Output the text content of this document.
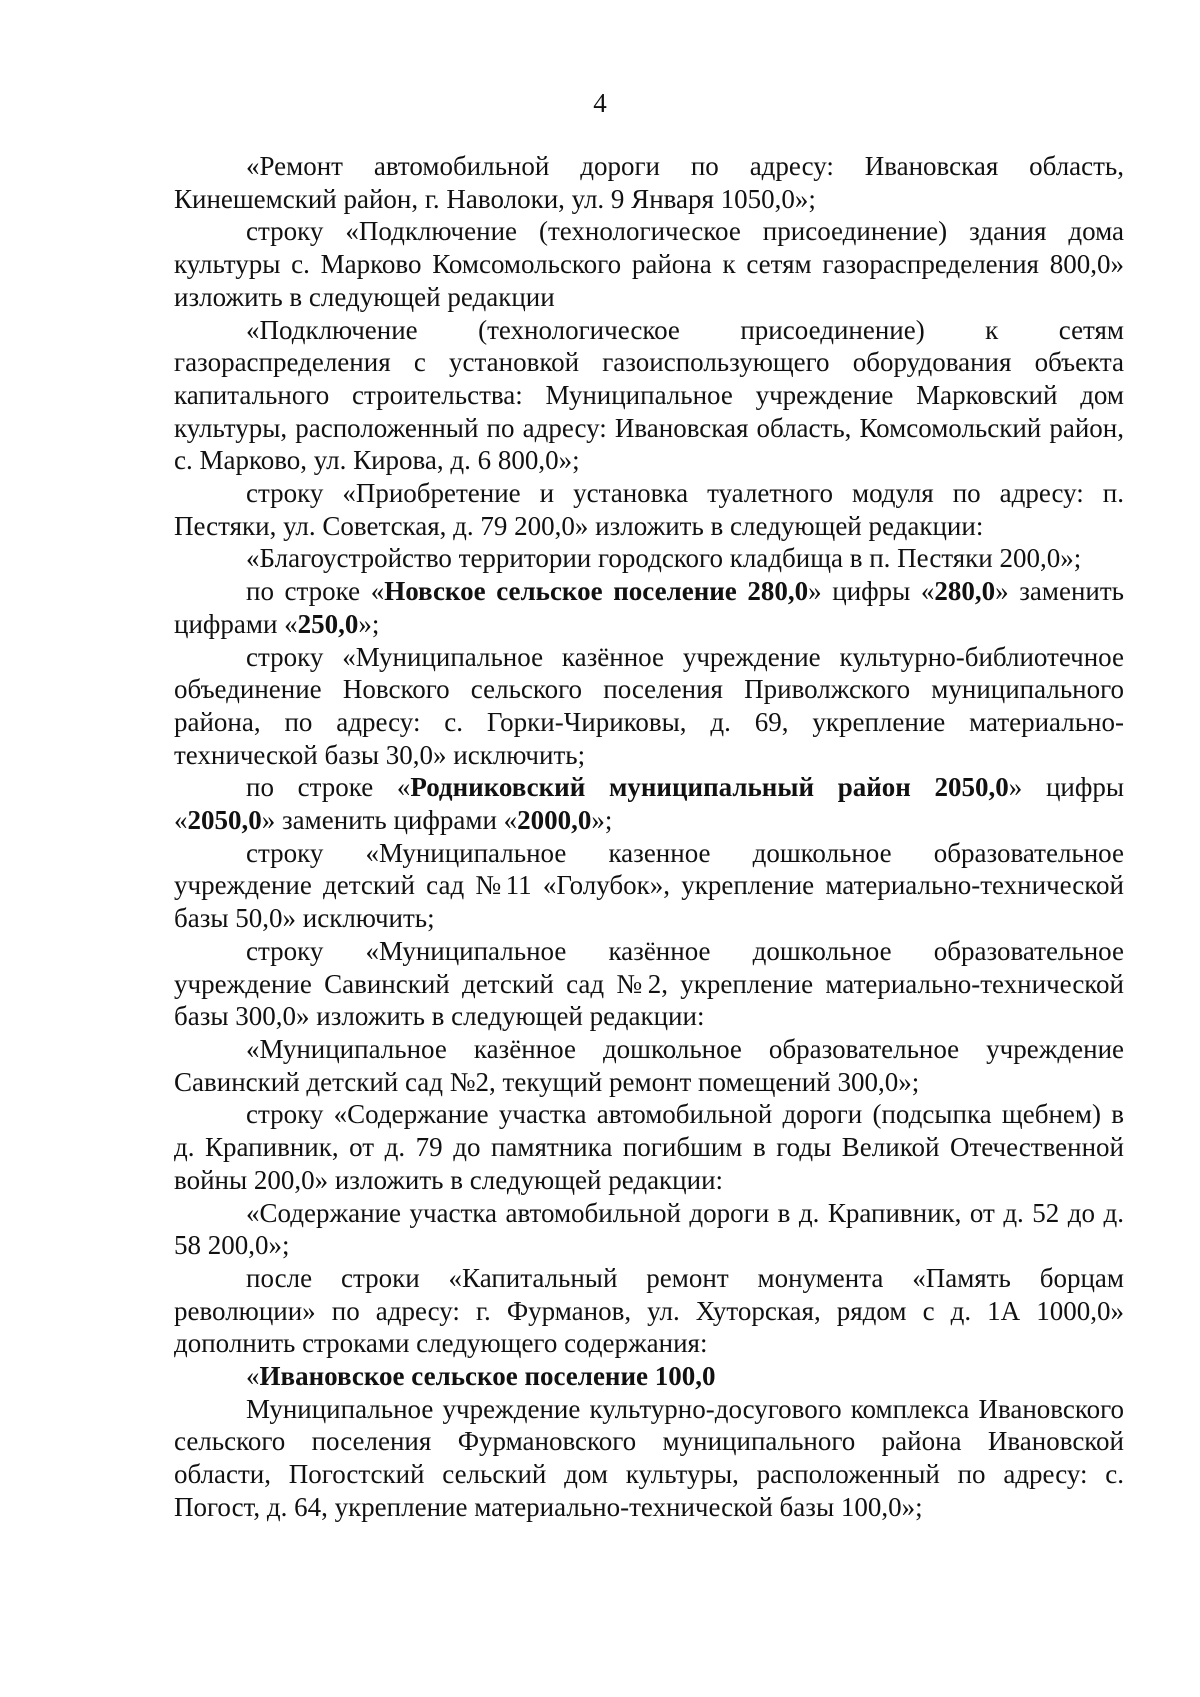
4

«Ремонт автомобильной дороги по адресу: Ивановская область, Кинешемский район, г. Наволоки, ул. 9 Января 1050,0»;

строку «Подключение (технологическое присоединение) здания дома культуры с. Марково Комсомольского района к сетям газораспределения 800,0» изложить в следующей редакции

«Подключение (технологическое присоединение) к сетям газораспределения с установкой газоиспользующего оборудования объекта капитального строительства: Муниципальное учреждение Марковский дом культуры, расположенный по адресу: Ивановская область, Комсомольский район, с. Марково, ул. Кирова, д. 6 800,0»;

строку «Приобретение и установка туалетного модуля по адресу: п. Пестяки, ул. Советская, д. 79 200,0» изложить в следующей редакции:

«Благоустройство территории городского кладбища в п. Пестяки 200,0»;

по строке «Новское сельское поселение 280,0» цифры «280,0» заменить цифрами «250,0»;

строку «Муниципальное казённое учреждение культурно-библиотечное объединение Новского сельского поселения Приволжского муниципального района, по адресу: с. Горки-Чириковы, д. 69, укрепление материально-технической базы 30,0» исключить;

по строке «Родниковский муниципальный район 2050,0» цифры «2050,0» заменить цифрами «2000,0»;

строку «Муниципальное казенное дошкольное образовательное учреждение детский сад №11 «Голубок», укрепление материально-технической базы 50,0» исключить;

строку «Муниципальное казённое дошкольное образовательное учреждение Савинский детский сад №2, укрепление материально-технической базы 300,0» изложить в следующей редакции:

«Муниципальное казённое дошкольное образовательное учреждение Савинский детский сад №2, текущий ремонт помещений 300,0»;

строку «Содержание участка автомобильной дороги (подсыпка щебнем) в д. Крапивник, от д. 79 до памятника погибшим в годы Великой Отечественной войны 200,0» изложить в следующей редакции:

«Содержание участка автомобильной дороги в д. Крапивник, от д. 52 до д. 58 200,0»;

после строки «Капитальный ремонт монумента «Память борцам революции» по адресу: г. Фурманов, ул. Хуторская, рядом с д. 1А 1000,0» дополнить строками следующего содержания:

«Ивановское сельское поселение 100,0

Муниципальное учреждение культурно-досугового комплекса Ивановского сельского поселения Фурмановского муниципального района Ивановской области, Погостский сельский дом культуры, расположенный по адресу: с. Погост, д. 64, укрепление материально-технической базы 100,0»;
